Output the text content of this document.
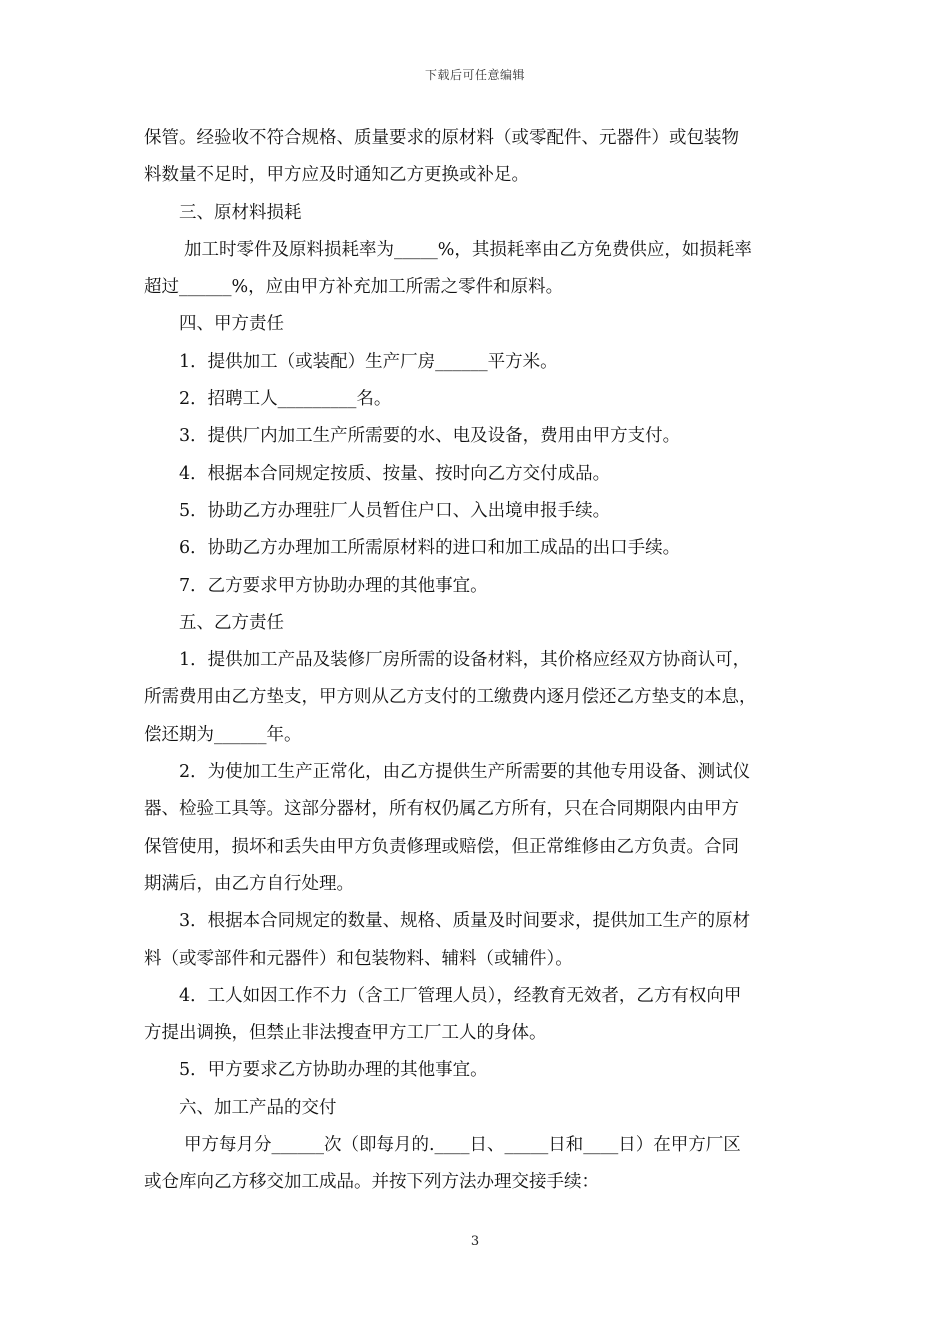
下载后可任意编辑

保管。经验收不符合规格、质量要求的原材料（或零配件、元器件）或包装物

料数量不足时，甲方应及时通知乙方更换或补足。

三、原材料损耗

加工时零件及原料损耗率为_____%，其损耗率由乙方免费供应，如损耗率

超过______%，应由甲方补充加工所需之零件和原料。

四、甲方责任

1．提供加工（或装配）生产厂房______平方米。

2．招聘工人_________名。

3．提供厂内加工生产所需要的水、电及设备，费用由甲方支付。

4．根据本合同规定按质、按量、按时向乙方交付成品。

5．协助乙方办理驻厂人员暂住户口、入出境申报手续。

6．协助乙方办理加工所需原材料的进口和加工成品的出口手续。

7．乙方要求甲方协助办理的其他事宜。

五、乙方责任

1．提供加工产品及装修厂房所需的设备材料，其价格应经双方协商认可，

所需费用由乙方垫支，甲方则从乙方支付的工缴费内逐月偿还乙方垫支的本息，

偿还期为______年。

2．为使加工生产正常化，由乙方提供生产所需要的其他专用设备、测试仪

器、检验工具等。这部分器材，所有权仍属乙方所有，只在合同期限内由甲方

保管使用，损坏和丢失由甲方负责修理或赔偿，但正常维修由乙方负责。合同

期满后，由乙方自行处理。

3．根据本合同规定的数量、规格、质量及时间要求，提供加工生产的原材

料（或零部件和元器件）和包装物料、辅料（或辅件）。

4．工人如因工作不力（含工厂管理人员），经教育无效者，乙方有权向甲

方提出调换，但禁止非法搜查甲方工厂工人的身体。

5．甲方要求乙方协助办理的其他事宜。

六、加工产品的交付

甲方每月分______次（即每月的.____日、_____日和____日）在甲方厂区

或仓库向乙方移交加工成品。并按下列方法办理交接手续：

3
